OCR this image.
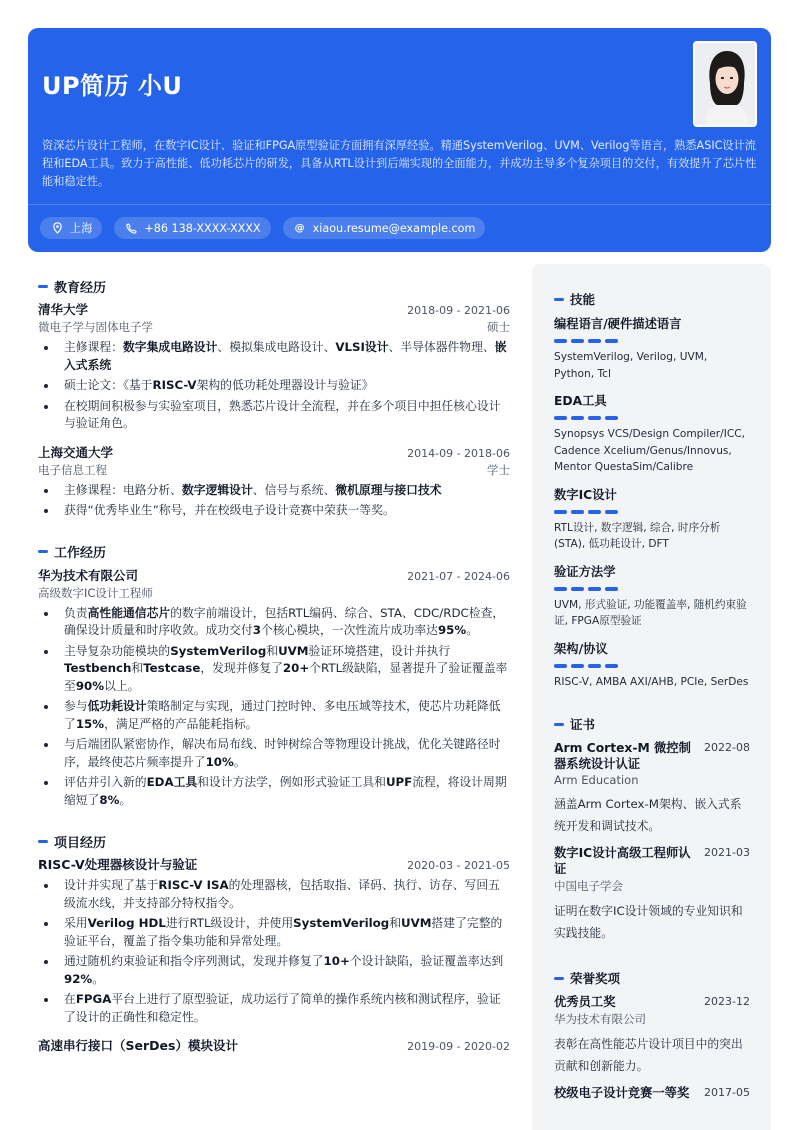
UP简历 小U
资深芯片设计工程师，在数字IC设计、验证和FPGA原型验证方面拥有深厚经验。精通SystemVerilog、UVM、Verilog等语言，熟悉ASIC设计流程和EDA工具。致力于高性能、低功耗芯片的研发，具备从RTL设计到后端实现的全面能力，并成功主导多个复杂项目的交付，有效提升了芯片性能和稳定性。
上海	+86 138-XXXX-XXXX	@ xiaou.resume@example.com
教育经历
清华大学	2018-09 - 2021-06
微电子学与固体电子学	硕士
主修课程：数字集成电路设计、模拟集成电路设计、VLSI设计、半导体器件物理、嵌入式系统
硕士论文：《基于RISC-V架构的低功耗处理器设计与验证》
在校期间积极参与实验室项目，熟悉芯片设计全流程，并在多个项目中担任核心设计与验证角色。
上海交通大学	2014-09 - 2018-06
电子信息工程	学士
主修课程：电路分析、数字逻辑设计、信号与系统、微机原理与接口技术
获得“优秀毕业生”称号，并在校级电子设计竞赛中荣获一等奖。
工作经历
华为技术有限公司	2021-07 - 2024-06
高级数字IC设计工程师
负责高性能通信芯片的数字前端设计，包括RTL编码、综合、STA、CDC/RDC检查，确保设计质量和时序收敛。成功交付3个核心模块，一次性流片成功率达95%。
主导复杂功能模块的SystemVerilog和UVM验证环境搭建，设计并执行Testbench和Testcase，发现并修复了20+个RTL级缺陷，显著提升了验证覆盖率至90%以上。
参与低功耗设计策略制定与实现，通过门控时钟、多电压域等技术，使芯片功耗降低了15%，满足严格的产品能耗指标。
与后端团队紧密协作，解决布局布线、时钟树综合等物理设计挑战，优化关键路径时序，最终使芯片频率提升了10%。
评估并引入新的EDA工具和设计方法学，例如形式验证工具和UPF流程，将设计周期缩短了8%。
项目经历
RISC-V处理器核设计与验证	2020-03 - 2021-05
设计并实现了基于RISC-V ISA的处理器核，包括取指、译码、执行、访存、写回五级流水线，并支持部分特权指令。
采用Verilog HDL进行RTL级设计，并使用SystemVerilog和UVM搭建了完整的验证平台，覆盖了指令集功能和异常处理。
通过随机约束验证和指令序列测试，发现并修复了10+个设计缺陷，验证覆盖率达到92%。
在FPGA平台上进行了原型验证，成功运行了简单的操作系统内核和测试程序，验证了设计的正确性和稳定性。
高速串行接口（SerDes）模块设计	2019-09 - 2020-02
技能
编程语言/硬件描述语言
SystemVerilog, Verilog, UVM, Python, Tcl
EDA工具
Synopsys VCS/Design Compiler/ICC, Cadence Xcelium/Genus/Innovus, Mentor QuestaSim/Calibre
数字IC设计
RTL设计, 数字逻辑, 综合, 时序分析 (STA), 低功耗设计, DFT
验证方法学
UVM, 形式验证, 功能覆盖率, 随机约束验证, FPGA原型验证
架构/协议
RISC-V, AMBA AXI/AHB, PCIe, SerDes
证书
Arm Cortex-M 微控制器系统设计认证
2022-08
Arm Education
涵盖Arm Cortex-M架构、嵌入式系统开发和调试技术。
数字IC设计高级工程师认证
2021-03
中国电子学会
证明在数字IC设计领域的专业知识和实践技能。
荣誉奖项
优秀员工奖	2023-12
华为技术有限公司
表彰在高性能芯片设计项目中的突出贡献和创新能力。
校级电子设计竞赛一等奖	2017-05
